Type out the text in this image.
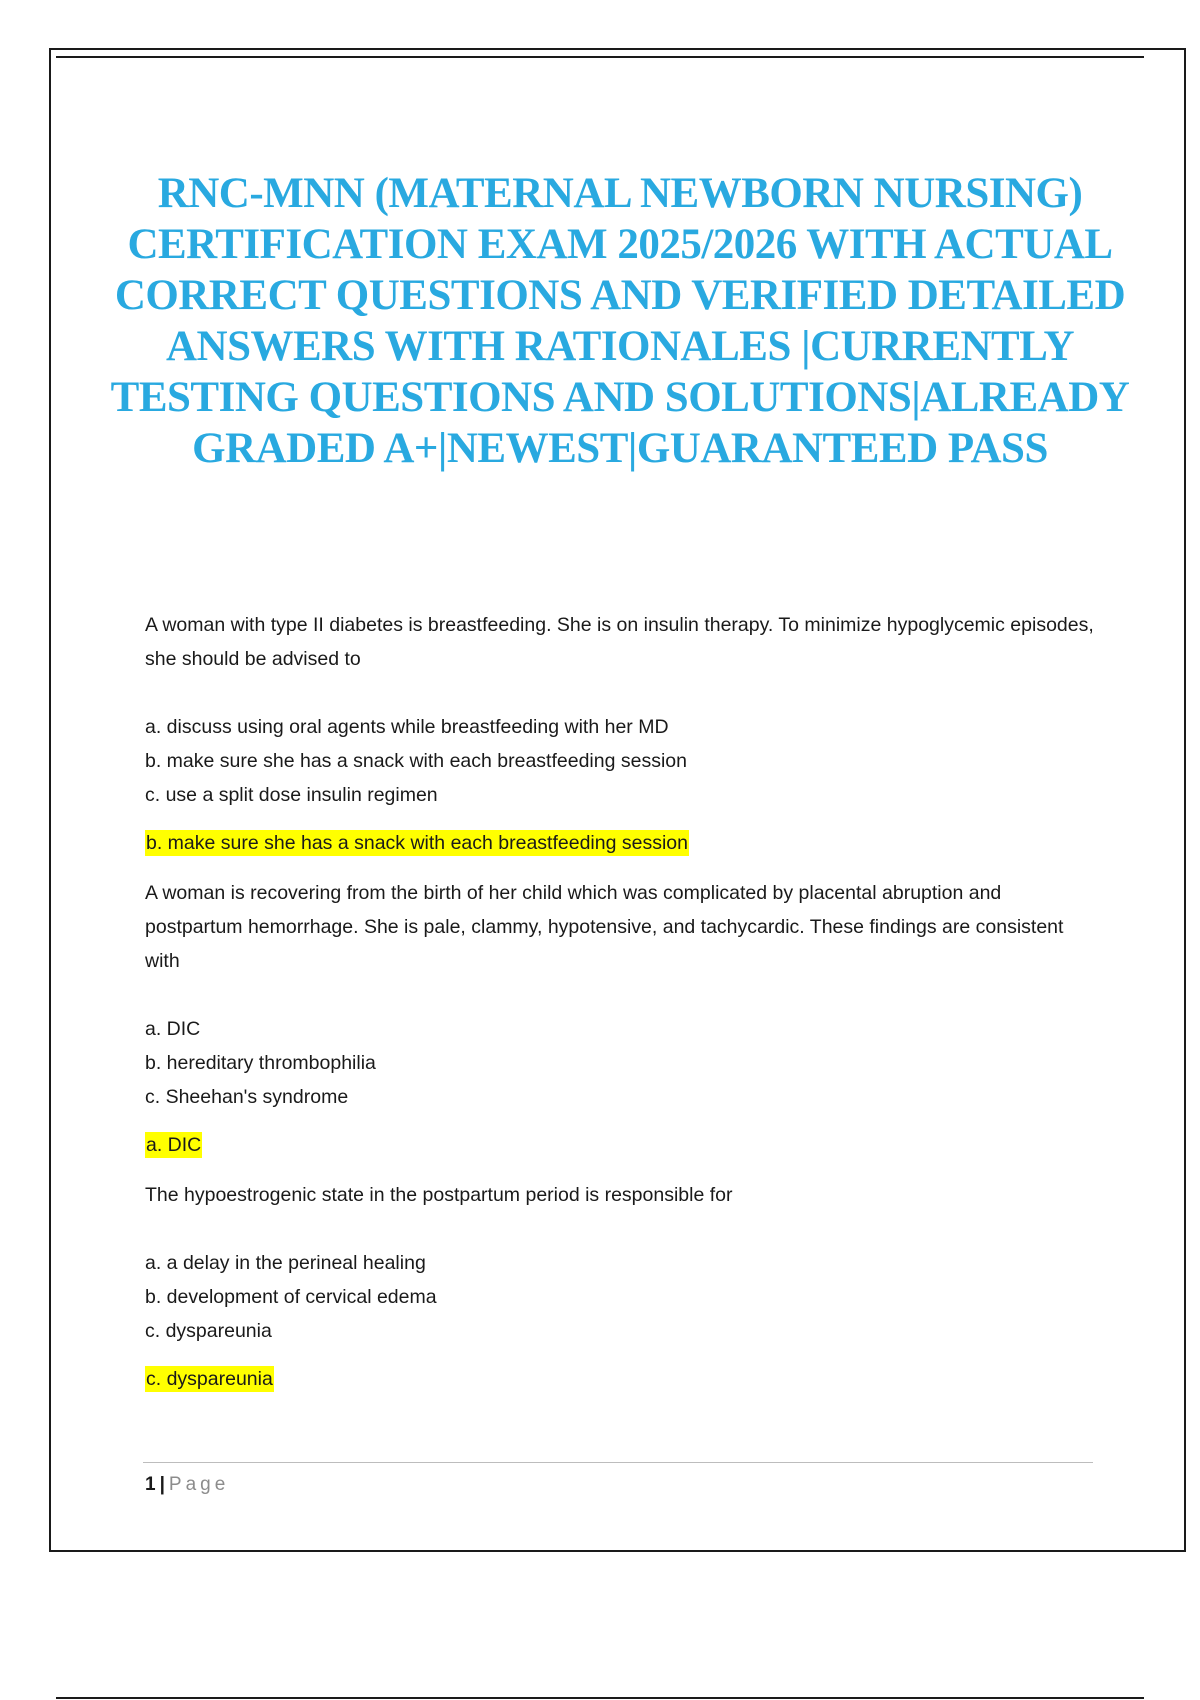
RNC-MNN (MATERNAL NEWBORN NURSING) CERTIFICATION EXAM 2025/2026 WITH ACTUAL CORRECT QUESTIONS AND VERIFIED DETAILED ANSWERS WITH RATIONALES |CURRENTLY TESTING QUESTIONS AND SOLUTIONS|ALREADY GRADED A+|NEWEST|GUARANTEED PASS

A woman with type II diabetes is breastfeeding. She is on insulin therapy. To minimize hypoglycemic episodes, she should be advised to

a. discuss using oral agents while breastfeeding with her MD
b. make sure she has a snack with each breastfeeding session
c. use a split dose insulin regimen

b. make sure she has a snack with each breastfeeding session

A woman is recovering from the birth of her child which was complicated by placental abruption and postpartum hemorrhage. She is pale, clammy, hypotensive, and tachycardic. These findings are consistent with

a. DIC
b. hereditary thrombophilia
c. Sheehan's syndrome

a. DIC

The hypoestrogenic state in the postpartum period is responsible for

a. a delay in the perineal healing
b. development of cervical edema
c. dyspareunia

c. dyspareunia

1 | Page
